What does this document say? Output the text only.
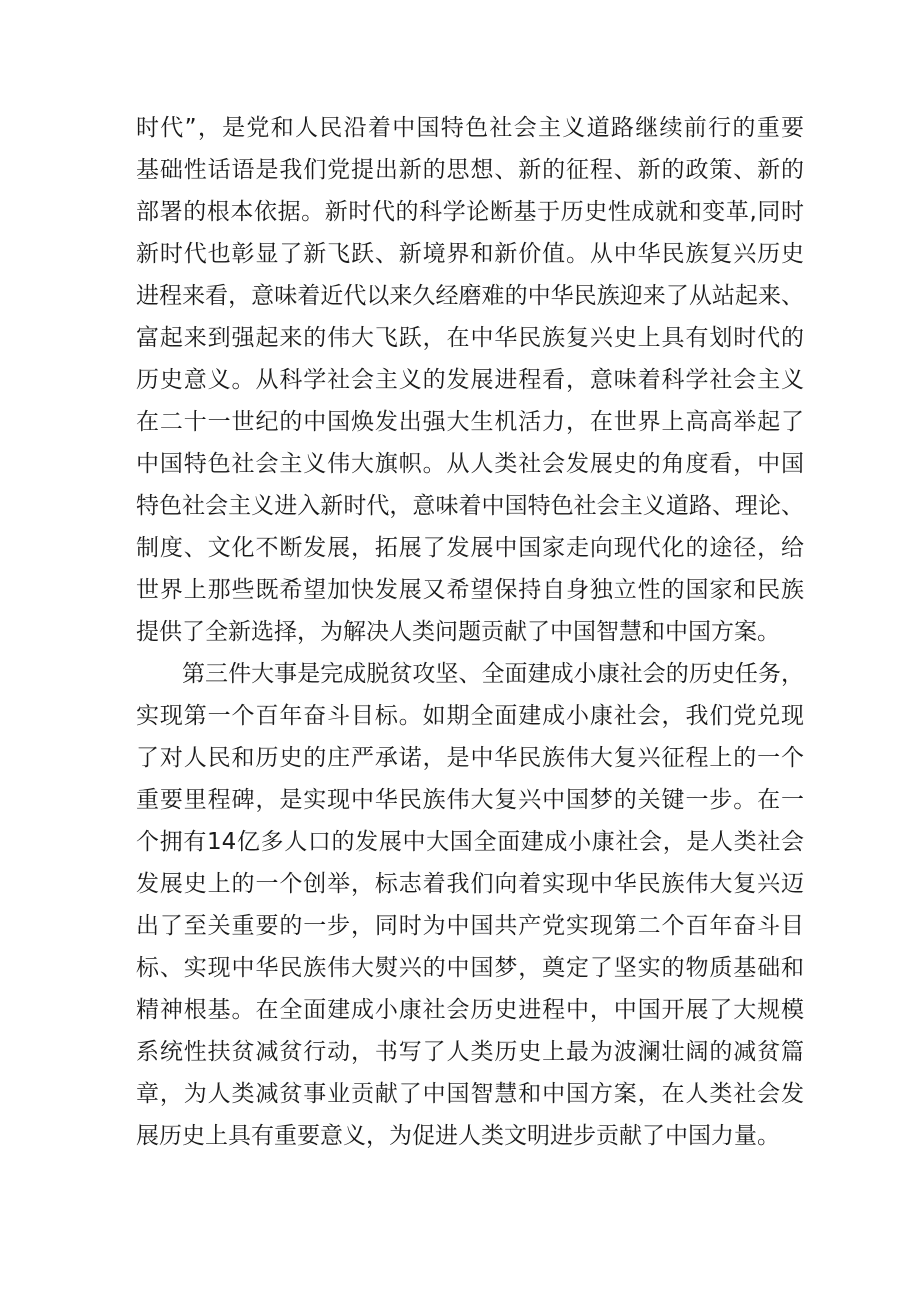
时代”，是党和人民沿着中国特色社会主义道路继续前行的重要
基础性话语是我们党提出新的思想、新的征程、新的政策、新的
部署的根本依据。新时代的科学论断基于历史性成就和变革,同时
新时代也彰显了新飞跃、新境界和新价值。从中华民族复兴历史
进程来看，意味着近代以来久经磨难的中华民族迎来了从站起来、
富起来到强起来的伟大飞跃，在中华民族复兴史上具有划时代的
历史意义。从科学社会主义的发展进程看，意味着科学社会主义
在二十一世纪的中国焕发出强大生机活力，在世界上高高举起了
中国特色社会主义伟大旗帜。从人类社会发展史的角度看，中国
特色社会主义进入新时代，意味着中国特色社会主义道路、理论、
制度、文化不断发展，拓展了发展中国家走向现代化的途径，给
世界上那些既希望加快发展又希望保持自身独立性的国家和民族
提供了全新选择，为解决人类问题贡献了中国智慧和中国方案。
第三件大事是完成脱贫攻坚、全面建成小康社会的历史任务，
实现第一个百年奋斗目标。如期全面建成小康社会，我们党兑现
了对人民和历史的庄严承诺，是中华民族伟大复兴征程上的一个
重要里程碑，是实现中华民族伟大复兴中国梦的关键一步。在一
个拥有14亿多人口的发展中大国全面建成小康社会，是人类社会
发展史上的一个创举，标志着我们向着实现中华民族伟大复兴迈
出了至关重要的一步，同时为中国共产党实现第二个百年奋斗目
标、实现中华民族伟大熨兴的中国梦，奠定了坚实的物质基础和
精神根基。在全面建成小康社会历史进程中，中国开展了大规模
系统性扶贫减贫行动，书写了人类历史上最为波澜壮阔的减贫篇
章，为人类减贫事业贡献了中国智慧和中国方案，在人类社会发
展历史上具有重要意义，为促进人类文明进步贡献了中国力量。
